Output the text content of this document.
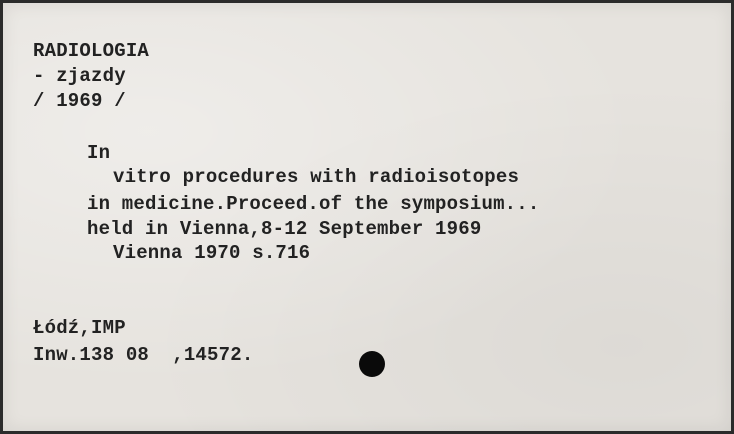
RADIOLOGIA
- zjazdy
/ 1969 /
In
vitro procedures with radioisotopes
in medicine.Proceed.of the symposium...
held in Vienna,8-12 September 1969
Vienna 1970 s.716
Łódź,IMP
Inw.138 08  ,14572.
